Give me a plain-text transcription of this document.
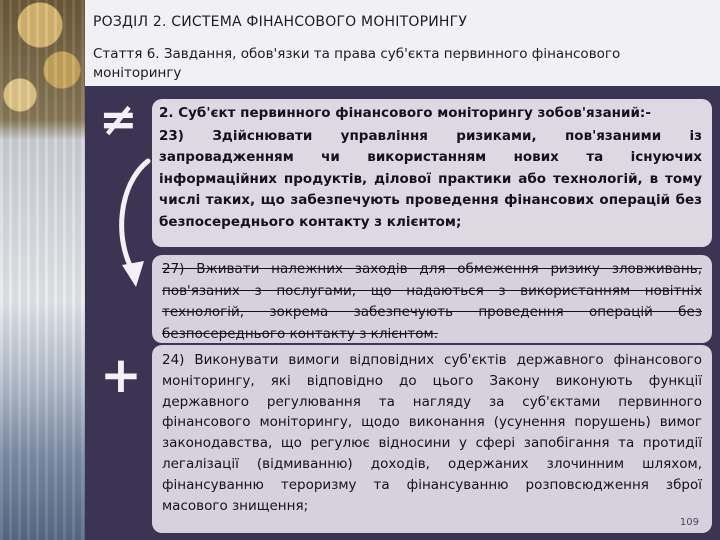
РОЗДІЛ 2. СИСТЕМА ФІНАНСОВОГО МОНІТОРИНГУ
Стаття 6. Завдання, обов'язки та права суб'єкта первинного фінансового моніторингу
≠
+
2. Суб'єкт первинного фінансового моніторингу зобов'язаний:-
23) Здійснювати управління ризиками, пов'язаними із запровадженням чи використанням нових та існуючих інформаційних продуктів, ділової практики або технологій, в тому числі таких, що забезпечують проведення фінансових операцій без безпосереднього контакту з клієнтом;
27) Вживати належних заходів для обмеження ризику зловживань, пов'язаних з послугами, що надаються з використанням новітніх технологій, зокрема забезпечують проведення операцій без безпосереднього контакту з клієнтом.
24) Виконувати вимоги відповідних суб'єктів державного фінансового моніторингу, які відповідно до цього Закону виконують функції державного регулювання та нагляду за суб'єктами первинного фінансового моніторингу, щодо виконання (усунення порушень) вимог законодавства, що регулює відносини у сфері запобігання та протидії легалізації (відмиванню) доходів, одержаних злочинним шляхом, фінансуванню тероризму та фінансуванню розповсюдження зброї масового знищення;
109
